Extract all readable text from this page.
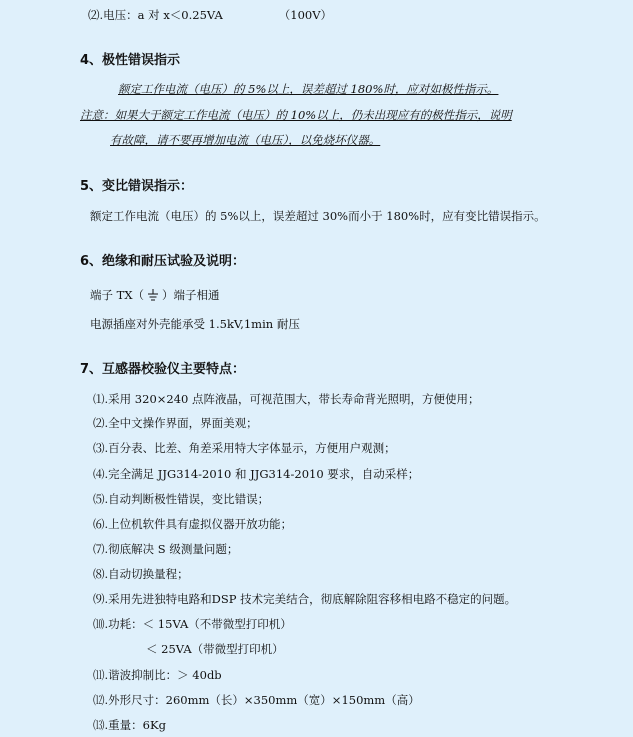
⑵.电压：a 对 x＜0.25VA	（100V）
4、极性错误指示
额定工作电流（电压）的 5%以上，误差超过 180%时，应对如极性指示。
注意：如果大于额定工作电流（电压）的 10%以上，仍未出现应有的极性指示，说明
有故障，请不要再增加电流（电压），以免烧坏仪器。
5、变比错误指示：
额定工作电流（电压）的 5%以上，误差超过 30%而小于 180%时，应有变比错误指示。
6、绝缘和耐压试验及说明：
端子 TX（ ）端子相通
电源插座对外壳能承受 1.5kV,1min 耐压
7、互感器校验仪主要特点：
⑴.采用 320×240 点阵液晶，可视范围大，带长寿命背光照明，方便使用；
⑵.全中文操作界面，界面美观；
⑶.百分表、比差、角差采用特大字体显示，方便用户观测；
⑷.完全满足 JJG314-2010 和 JJG314-2010 要求，自动采样；
⑸.自动判断极性错误，变比错误；
⑹.上位机软件具有虚拟仪器开放功能；
⑺.彻底解决 S 级测量问题；
⑻.自动切换量程；
⑼.采用先进独特电路和DSP 技术完美结合，彻底解除阻容移相电路不稳定的问题。
⑽.功耗：＜ 15VA（不带微型打印机）
＜ 25VA（带微型打印机）
⑾.谐波抑制比：＞ 40db
⑿.外形尺寸：260mm（长）×350mm（宽）×150mm（高）
⒀.重量：6Kg
